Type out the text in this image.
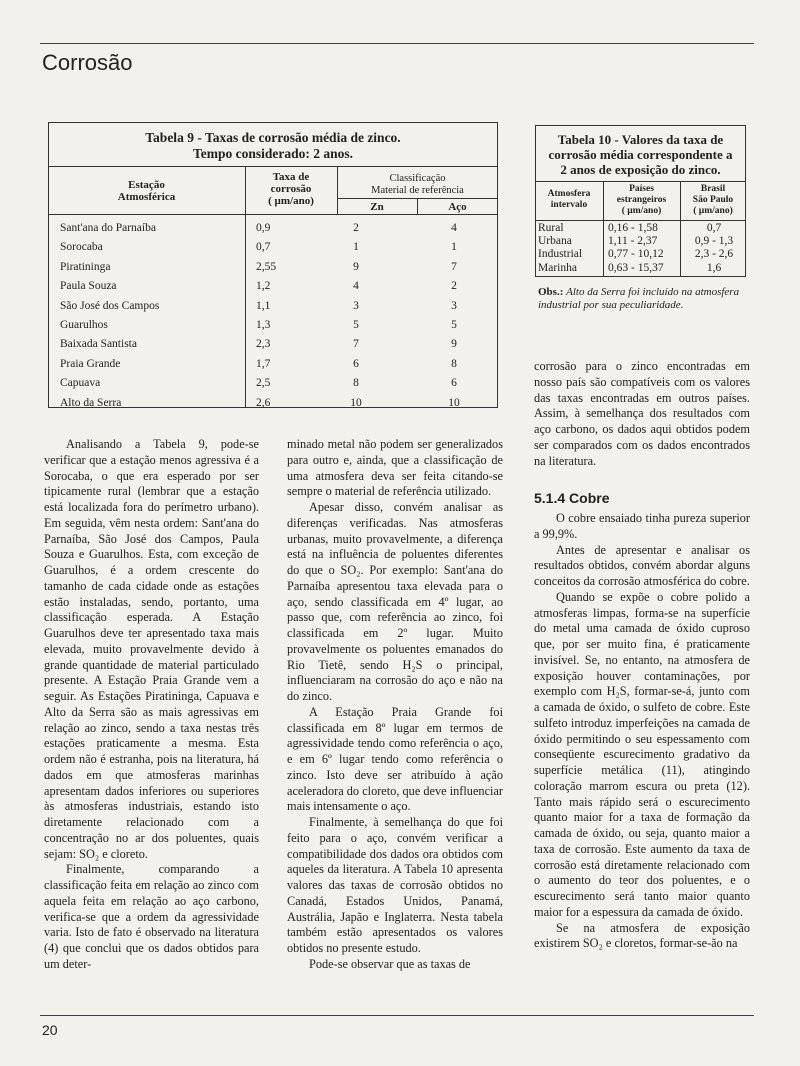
Corrosão
Tabela 9 - Taxas de corrosão média de zinco.
Tempo considerado: 2 anos.
Estação
Atmosférica
Taxa de
corrosão
( µm/ano)
Classificação
Material de referência
Zn	Aço
Sant'ana do Parnaíba	0,9	2	4
Sorocaba	0,7	1	1
Piratininga	2,55	9	7
Paula Souza	1,2	4	2
São José dos Campos	1,1	3	3
Guarulhos	1,3	5	5
Baixada Santista	2,3	7	9
Praia Grande	1,7	6	8
Capuava	2,5	8	6
Alto da Serra	2,6	10	10
Tabela 10 - Valores da taxa de
corrosão média correspondente a
2 anos de exposição do zinco.
Atmosfera
intervalo
Países
estrangeiros
( µm/ano)
Brasil
São Paulo
( µm/ano)
Rural	0,16 - 1,58	0,7
Urbana	1,11 - 2,37	0,9 - 1,3
Industrial	0,77 - 10,12	2,3 - 2,6
Marinha	0,63 - 15,37	1,6
Obs.: Alto da Serra foi incluído na atmosfera industrial por sua peculiaridade.

Analisando a Tabela 9, pode-se verificar que a estação menos agressiva é a Sorocaba, o que era esperado por ser tipicamente rural (lembrar que a estação está localizada fora do perímetro urbano). Em seguida, vêm nesta ordem: Sant'ana do Parnaíba, São José dos Campos, Paula Souza e Guarulhos. Esta, com exceção de Guarulhos, é a ordem crescente do tamanho de cada cidade onde as estações estão instaladas, sendo, portanto, uma classificação esperada. A Estação Guarulhos deve ter apresentado taxa mais elevada, muito provavelmente devido à grande quantidade de material particulado presente. A Estação Praia Grande vem a seguir. As Estações Piratininga, Capuava e Alto da Serra são as mais agressivas em relação ao zinco, sendo a taxa nestas três estações praticamente a mesma. Esta ordem não é estranha, pois na literatura, há dados em que atmosferas marinhas apresentam dados inferiores ou superiores às atmosferas industriais, estando isto diretamente relacionado com a concentração no ar dos poluentes, quais sejam: SO₂ e cloreto.

Finalmente, comparando a classificação feita em relação ao zinco com aquela feita em relação ao aço carbono, verifica-se que a ordem da agressividade varia. Isto de fato é observado na literatura (4) que conclui que os dados obtidos para um deter-

minado metal não podem ser generalizados para outro e, ainda, que a classificação de uma atmosfera deva ser feita citando-se sempre o material de referência utilizado.

Apesar disso, convém analisar as diferenças verificadas. Nas atmosferas urbanas, muito provavelmente, a diferença está na influência de poluentes diferentes do que o SO₂. Por exemplo: Sant'ana do Parnaíba apresentou taxa elevada para o aço, sendo classificada em 4º lugar, ao passo que, com referência ao zinco, foi classificada em 2º lugar. Muito provavelmente os poluentes emanados do Rio Tietê, sendo H₂S o principal, influenciaram na corrosão do aço e não na do zinco.

A Estação Praia Grande foi classificada em 8º lugar em termos de agressividade tendo como referência o aço, e em 6º lugar tendo como referência o zinco. Isto deve ser atribuído à ação aceleradora do cloreto, que deve influenciar mais intensamente o aço.

Finalmente, à semelhança do que foi feito para o aço, convém verificar a compatibilidade dos dados ora obtidos com aqueles da literatura. A Tabela 10 apresenta valores das taxas de corrosão obtidos no Canadá, Estados Unidos, Panamá, Austrália, Japão e Inglaterra. Nesta tabela também estão apresentados os valores obtidos no presente estudo.

Pode-se observar que as taxas de

corrosão para o zinco encontradas em nosso país são compatíveis com os valores das taxas encontradas em outros países. Assim, à semelhança dos resultados com aço carbono, os dados aqui obtidos podem ser comparados com os dados encontrados na literatura.

5.1.4 Cobre

O cobre ensaiado tinha pureza superior a 99,9%.

Antes de apresentar e analisar os resultados obtidos, convém abordar alguns conceitos da corrosão atmosférica do cobre.

Quando se expõe o cobre polido a atmosferas limpas, forma-se na superfície do metal uma camada de óxido cuproso que, por ser muito fina, é praticamente invisível. Se, no entanto, na atmosfera de exposição houver contaminações, por exemplo com H₂S, formar-se-á, junto com a camada de óxido, o sulfeto de cobre. Este sulfeto introduz imperfeições na camada de óxido permitindo o seu espessamento com conseqüente escurecimento gradativo da superfície metálica (11), atingindo coloração marrom escura ou preta (12). Tanto mais rápido será o escurecimento quanto maior for a taxa de formação da camada de óxido, ou seja, quanto maior a taxa de corrosão. Este aumento da taxa de corrosão está diretamente relacionado com o aumento do teor dos poluentes, e o escurecimento será tanto maior quanto maior for a espessura da camada de óxido.

Se na atmosfera de exposição existirem SO₂ e cloretos, formar-se-ão na

20
